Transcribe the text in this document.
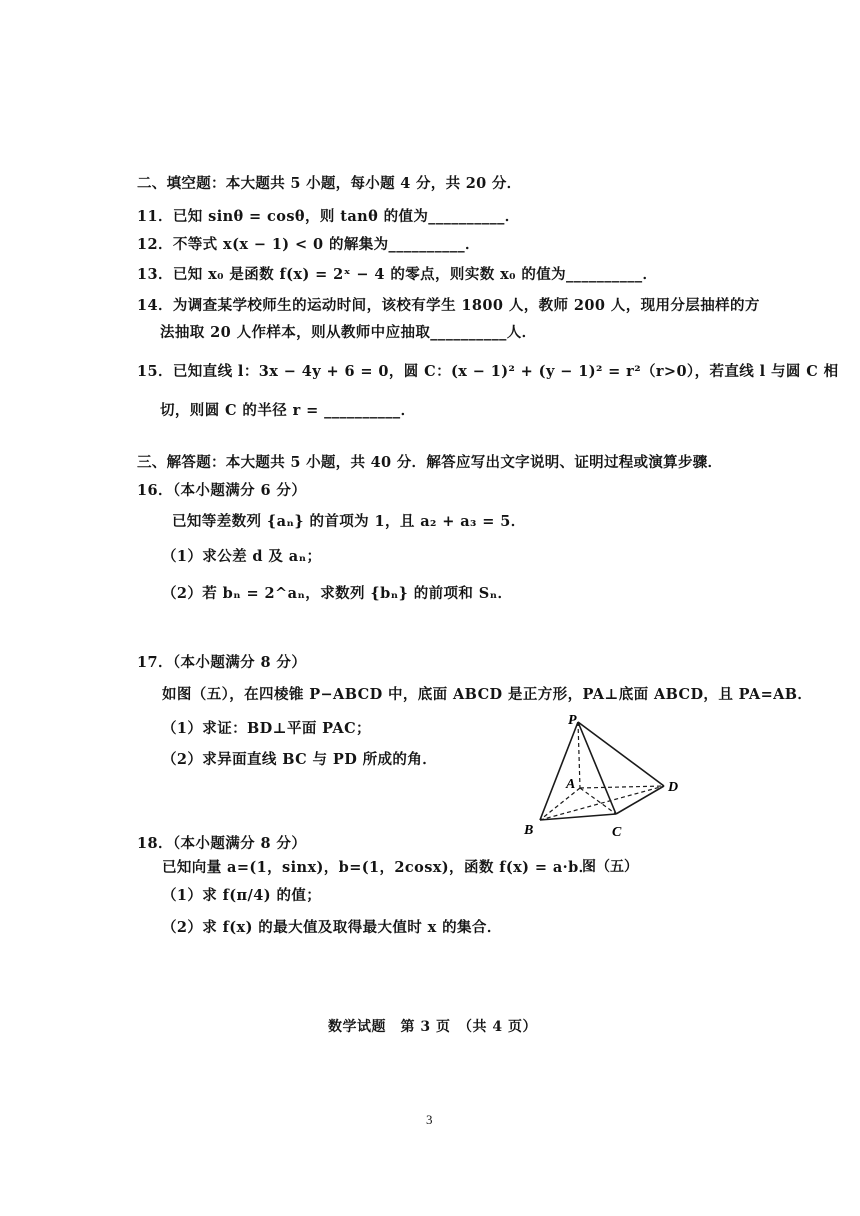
二、填空题：本大题共 5 小题，每小题 4 分，共 20 分．
11．已知 sinθ = cosθ，则 tanθ 的值为__________．
12．不等式 x(x − 1) < 0 的解集为__________．
13．已知 x₀ 是函数 f(x) = 2ˣ − 4 的零点，则实数 x₀ 的值为__________．
14．为调查某学校师生的运动时间，该校有学生 1800 人，教师 200 人，现用分层抽样的方
法抽取 20 人作样本，则从教师中应抽取__________人．
15．已知直线 l：3x − 4y + 6 = 0，圆 C：(x − 1)² + (y − 1)² = r²（r>0），若直线 l 与圆 C 相
切，则圆 C 的半径 r = __________．
三、解答题：本大题共 5 小题，共 40 分．解答应写出文字说明、证明过程或演算步骤．
16．（本小题满分 6 分）
已知等差数列 {aₙ} 的首项为 1，且 a₂ + a₃ = 5．
（1）求公差 d 及 aₙ；
（2）若 bₙ = 2^aₙ，求数列 {bₙ} 的前项和 Sₙ．
17．（本小题满分 8 分）
如图（五），在四棱锥 P−ABCD 中，底面 ABCD 是正方形，PA⊥底面 ABCD，且 PA=AB．
（1）求证：BD⊥平面 PAC；
（2）求异面直线 BC 与 PD 所成的角．
P
A
B	C
D
图（五）
18．（本小题满分 8 分）
已知向量 a=(1，sinx)，b=(1，2cosx)，函数 f(x) = a·b．
（1）求 f(π/4) 的值；
（2）求 f(x) 的最大值及取得最大值时 x 的集合．
数学试题　第 3 页　（共 4 页）
3
